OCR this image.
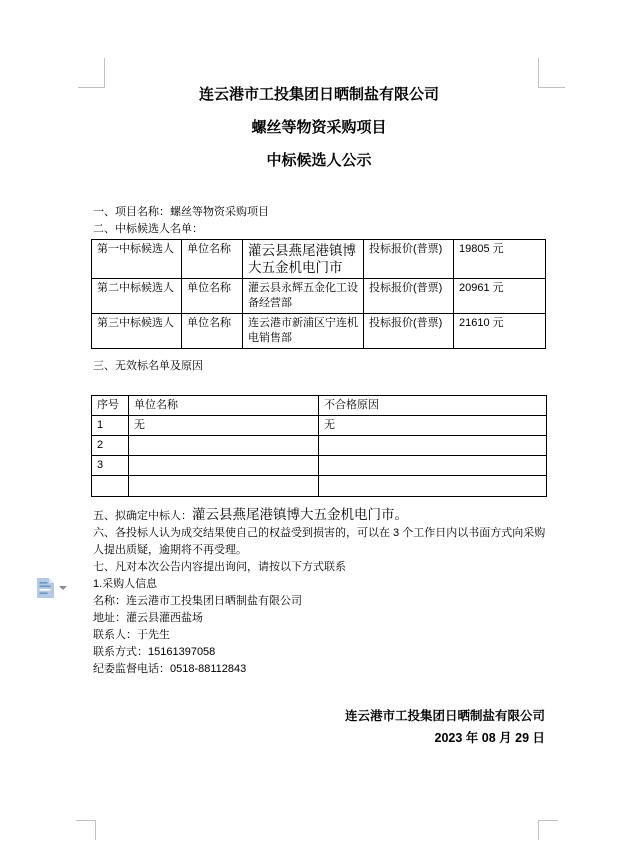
连云港市工投集团日晒制盐有限公司
螺丝等物资采购项目
中标候选人公示
一、项目名称：螺丝等物资采购项目
二、中标候选人名单：
第一中标候选人	单位名称	灌云县燕尾港镇博大五金机电门市	投标报价(普票)	19805 元
第二中标候选人	单位名称	灌云县永辉五金化工设备经营部	投标报价(普票)	20961 元
第三中标候选人	单位名称	连云港市新浦区宁连机电销售部	投标报价(普票)	21610 元
三、无效标名单及原因
序号	单位名称	不合格原因
1	无	无
2		
3		

五、拟确定中标人：灌云县燕尾港镇博大五金机电门市。
六、各投标人认为成交结果使自己的权益受到损害的，可以在 3 个工作日内以书面方式向采购人提出质疑，逾期将不再受理。
七、凡对本次公告内容提出询问，请按以下方式联系
1.采购人信息
名称：连云港市工投集团日晒制盐有限公司
地址：灌云县灌西盐场
联系人：于先生
联系方式：15161397058
纪委监督电话：0518-88112843
连云港市工投集团日晒制盐有限公司
2023 年 08 月 29 日
